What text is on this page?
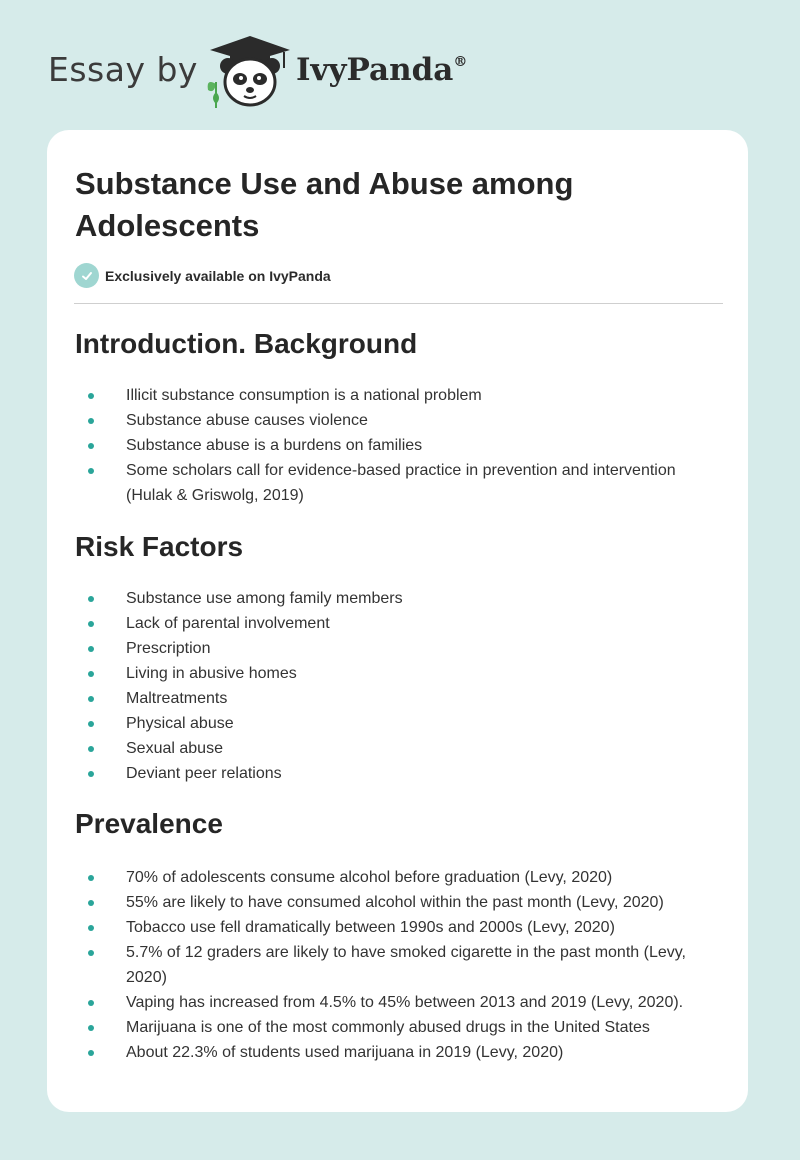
Essay by	IvyPanda®
Substance Use and Abuse among Adolescents
Exclusively available on IvyPanda
Introduction. Background
Illicit substance consumption is a national problem
Substance abuse causes violence
Substance abuse is a burdens on families
Some scholars call for evidence-based practice in prevention and intervention (Hulak & Griswolg, 2019)
Risk Factors
Substance use among family members
Lack of parental involvement
Prescription
Living in abusive homes
Maltreatments
Physical abuse
Sexual abuse
Deviant peer relations
Prevalence
70% of adolescents consume alcohol before graduation (Levy, 2020)
55% are likely to have consumed alcohol within the past month (Levy, 2020)
Tobacco use fell dramatically between 1990s and 2000s (Levy, 2020)
5.7% of 12 graders are likely to have smoked cigarette in the past month (Levy, 2020)
Vaping has increased from 4.5% to 45% between 2013 and 2019 (Levy, 2020).
Marijuana is one of the most commonly abused drugs in the United States
About 22.3% of students used marijuana in 2019 (Levy, 2020)
